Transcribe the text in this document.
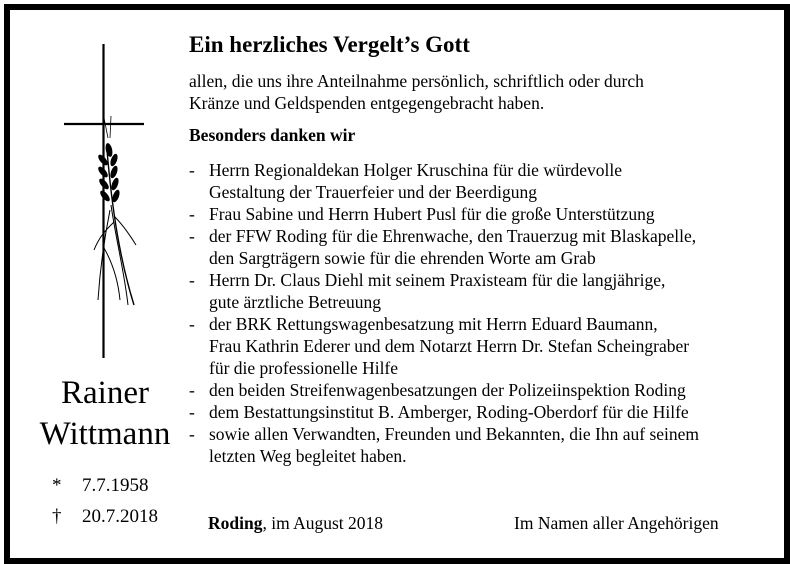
Rainer
Wittmann
* 7.7.1958
† 20.7.2018
Ein herzliches Vergelt’s Gott
allen, die uns ihre Anteilnahme persönlich, schriftlich oder durch
Kränze und Geldspenden entgegengebracht haben.
Besonders danken wir
- Herrn Regionaldekan Holger Kruschina für die würdevolle
Gestaltung der Trauerfeier und der Beerdigung
- Frau Sabine und Herrn Hubert Pusl für die große Unterstützung
- der FFW Roding für die Ehrenwache, den Trauerzug mit Blaskapelle,
den Sargträgern sowie für die ehrenden Worte am Grab
- Herrn Dr. Claus Diehl mit seinem Praxisteam für die langjährige,
gute ärztliche Betreuung
- der BRK Rettungswagenbesatzung mit Herrn Eduard Baumann,
Frau Kathrin Ederer und dem Notarzt Herrn Dr. Stefan Scheingraber
für die professionelle Hilfe
- den beiden Streifenwagenbesatzungen der Polizeiinspektion Roding
- dem Bestattungsinstitut B. Amberger, Roding-Oberdorf für die Hilfe
- sowie allen Verwandten, Freunden und Bekannten, die Ihn auf seinem
letzten Weg begleitet haben.
Roding, im August 2018	Im Namen aller Angehörigen
